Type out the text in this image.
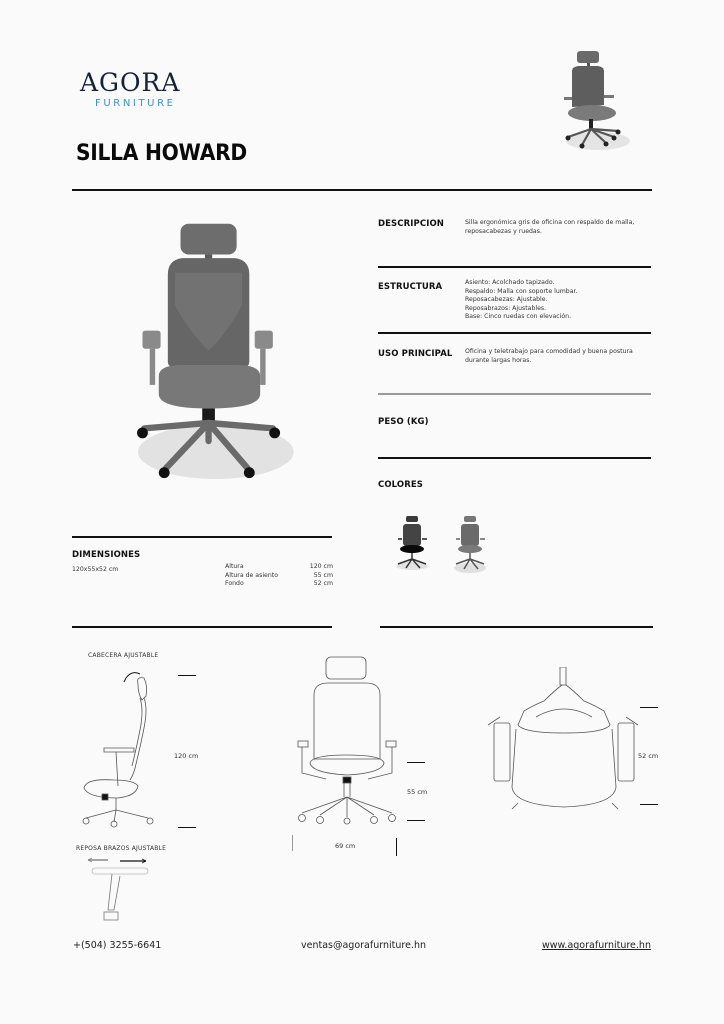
AGORA
FURNITURE
SILLA HOWARD
DESCRIPCION	Silla ergonómica gris de oficina con respaldo de malla, reposacabezas y ruedas.
ESTRUCTURA	Asiento: Acolchado tapizado.
Respaldo: Malla con soporte lumbar.
Reposacabezas: Ajustable.
Reposabrazos: Ajustables.
Base: Cinco ruedas con elevación.
USO PRINCIPAL Oficina y teletrabajo para comodidad y buena postura durante largas horas.
PESO (KG)
COLORES
DIMENSIONES
120x55x52 cm	Altura	120 cm
Altura de asiento	55 cm
Fondo	52 cm
CABECERA AJUSTABLE
120 cm
55 cm
69 cm
52 cm
REPOSA BRAZOS AJUSTABLE
+(504) 3255-6641	ventas@agorafurniture.hn	www.agorafurniture.hn
